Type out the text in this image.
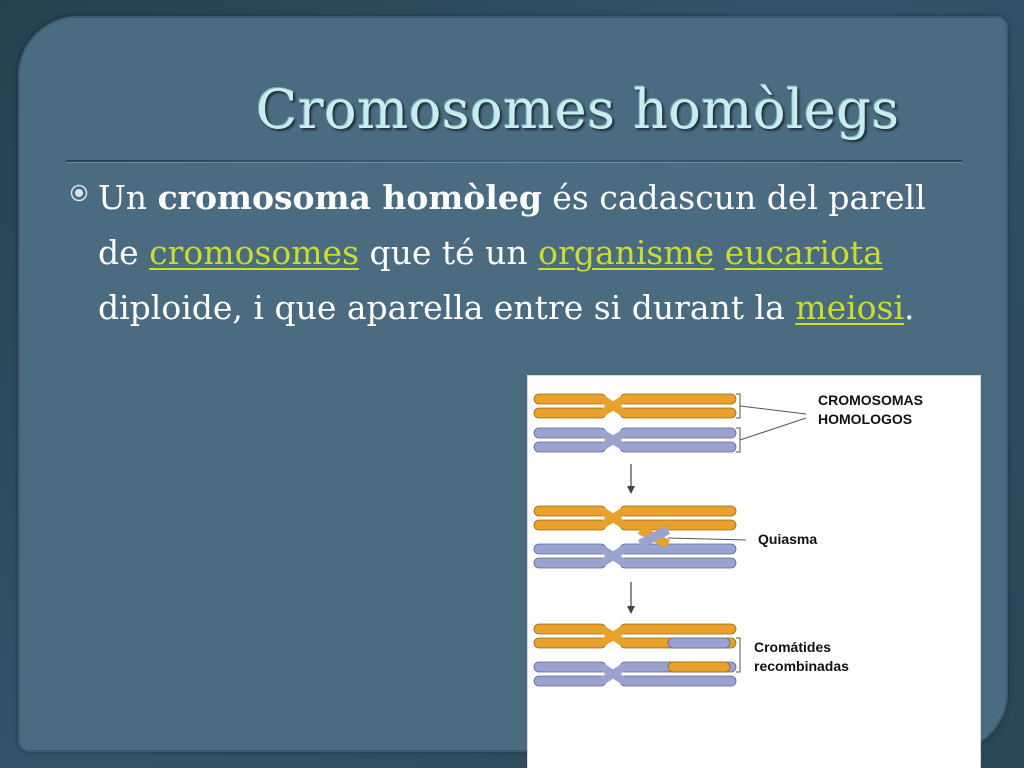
Cromosomes homòlegs
Un cromosoma homòleg és cadascun del parell de cromosomes que té un organisme eucariota diploide, i que aparella entre si durant la meiosi.
CROMOSOMAS
HOMOLOGOS
Quiasma
Cromátides
recombinadas
